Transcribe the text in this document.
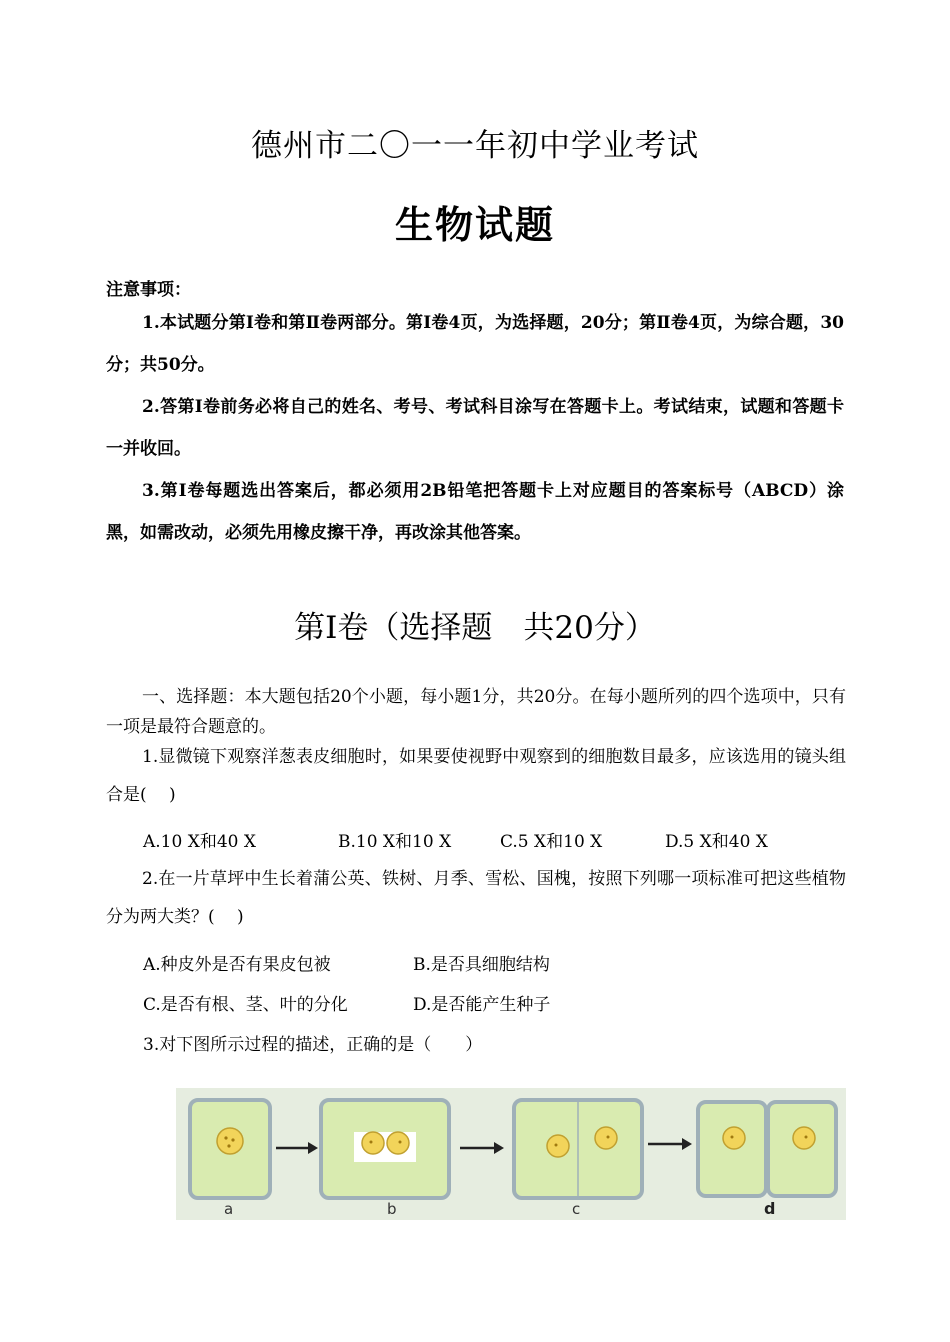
德州市二〇一一年初中学业考试
生物试题
注意事项：
1.本试题分第Ⅰ卷和第Ⅱ卷两部分。第Ⅰ卷4页，为选择题，20分；第Ⅱ卷4页，为综合题，30分；共50分。
2.答第Ⅰ卷前务必将自己的姓名、考号、考试科目涂写在答题卡上。考试结束，试题和答题卡一并收回。
3.第Ⅰ卷每题选出答案后，都必须用2B铅笔把答题卡上对应题目的答案标号（ABCD）涂黑，如需改动，必须先用橡皮擦干净，再改涂其他答案。
第Ⅰ卷（选择题　共20分）
一、选择题：本大题包括20个小题，每小题1分，共20分。在每小题所列的四个选项中，只有一项是最符合题意的。
1.显微镜下观察洋葱表皮细胞时，如果要使视野中观察到的细胞数目最多，应该选用的镜头组合是(　 )
A.10 X和40 X	B.10 X和10 X	C.5 X和10 X	D.5 X和40 X
2.在一片草坪中生长着蒲公英、铁树、月季、雪松、国槐，按照下列哪一项标准可把这些植物分为两大类？(　 )
A.种皮外是否有果皮包被	B.是否具细胞结构
C.是否有根、茎、叶的分化	D.是否能产生种子
3.对下图所示过程的描述，正确的是（　　）
a	b	c	d
